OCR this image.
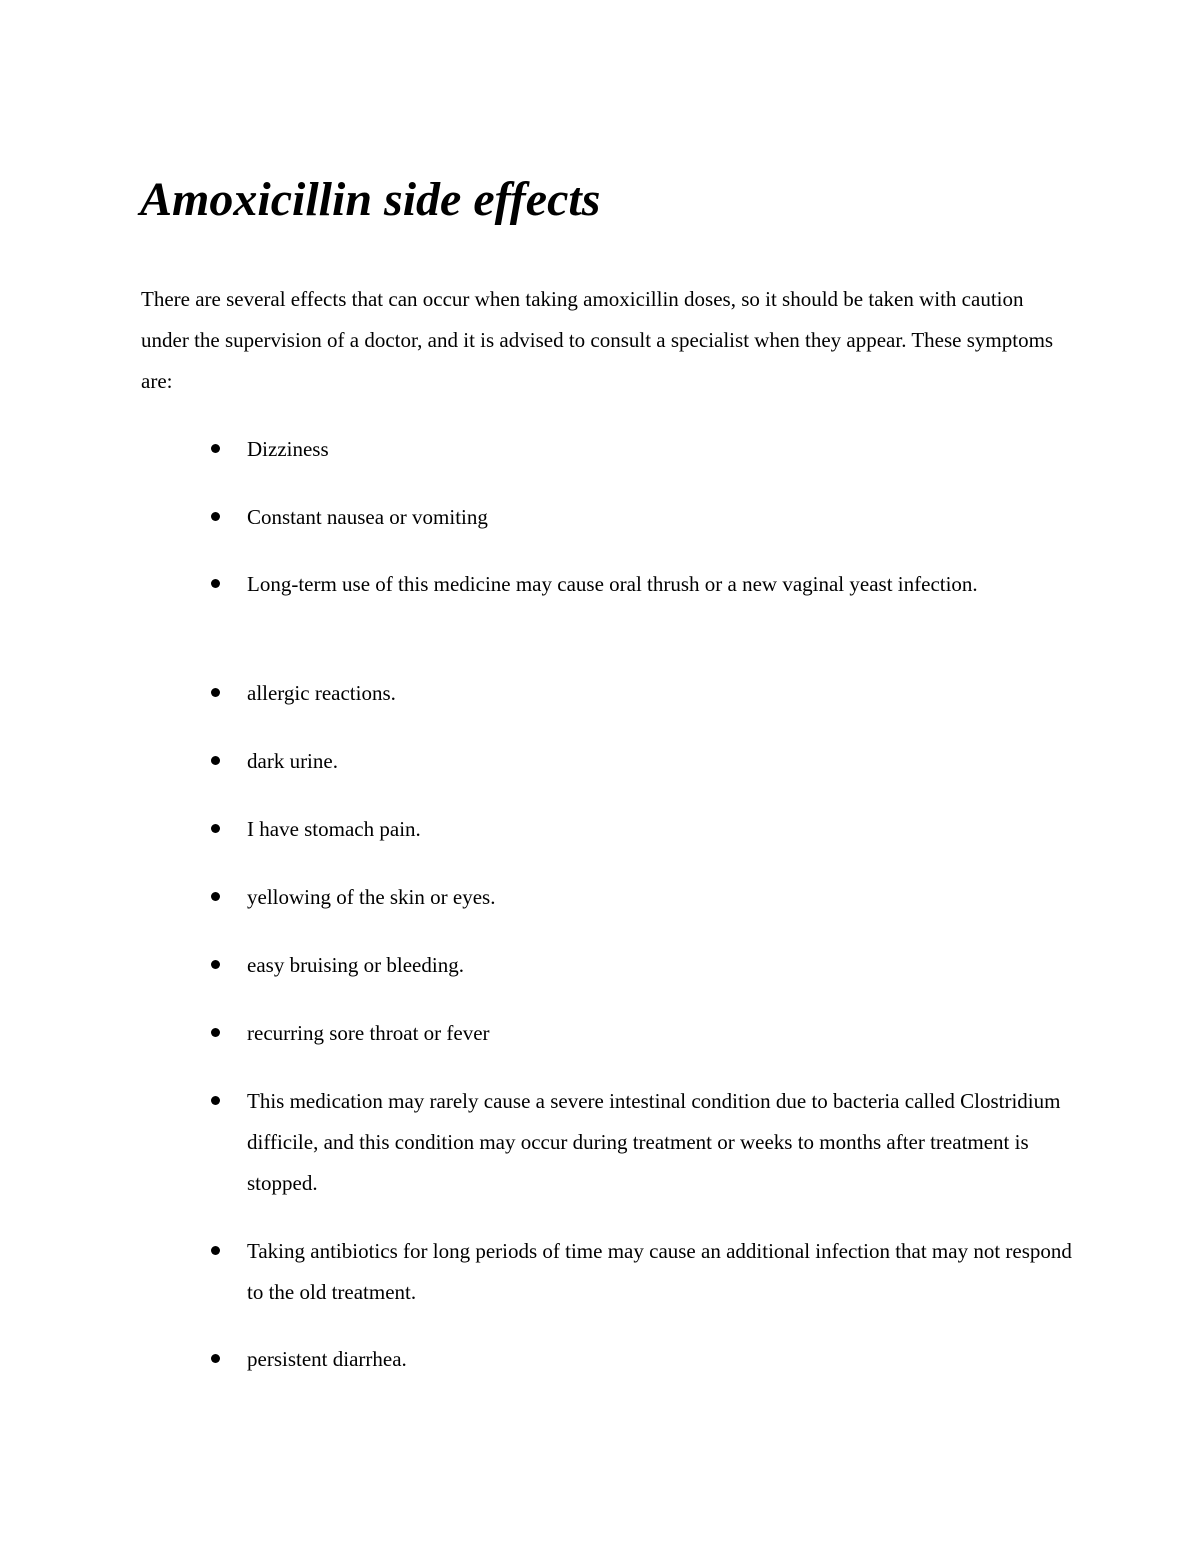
Amoxicillin side effects

There are several effects that can occur when taking amoxicillin doses, so it should be taken with caution under the supervision of a doctor, and it is advised to consult a specialist when they appear. These symptoms are:

Dizziness
Constant nausea or vomiting
Long-term use of this medicine may cause oral thrush or a new vaginal yeast infection.
allergic reactions.
dark urine.
I have stomach pain.
yellowing of the skin or eyes.
easy bruising or bleeding.
recurring sore throat or fever
This medication may rarely cause a severe intestinal condition due to bacteria called Clostridium difficile, and this condition may occur during treatment or weeks to months after treatment is stopped.
Taking antibiotics for long periods of time may cause an additional infection that may not respond to the old treatment.
persistent diarrhea.
